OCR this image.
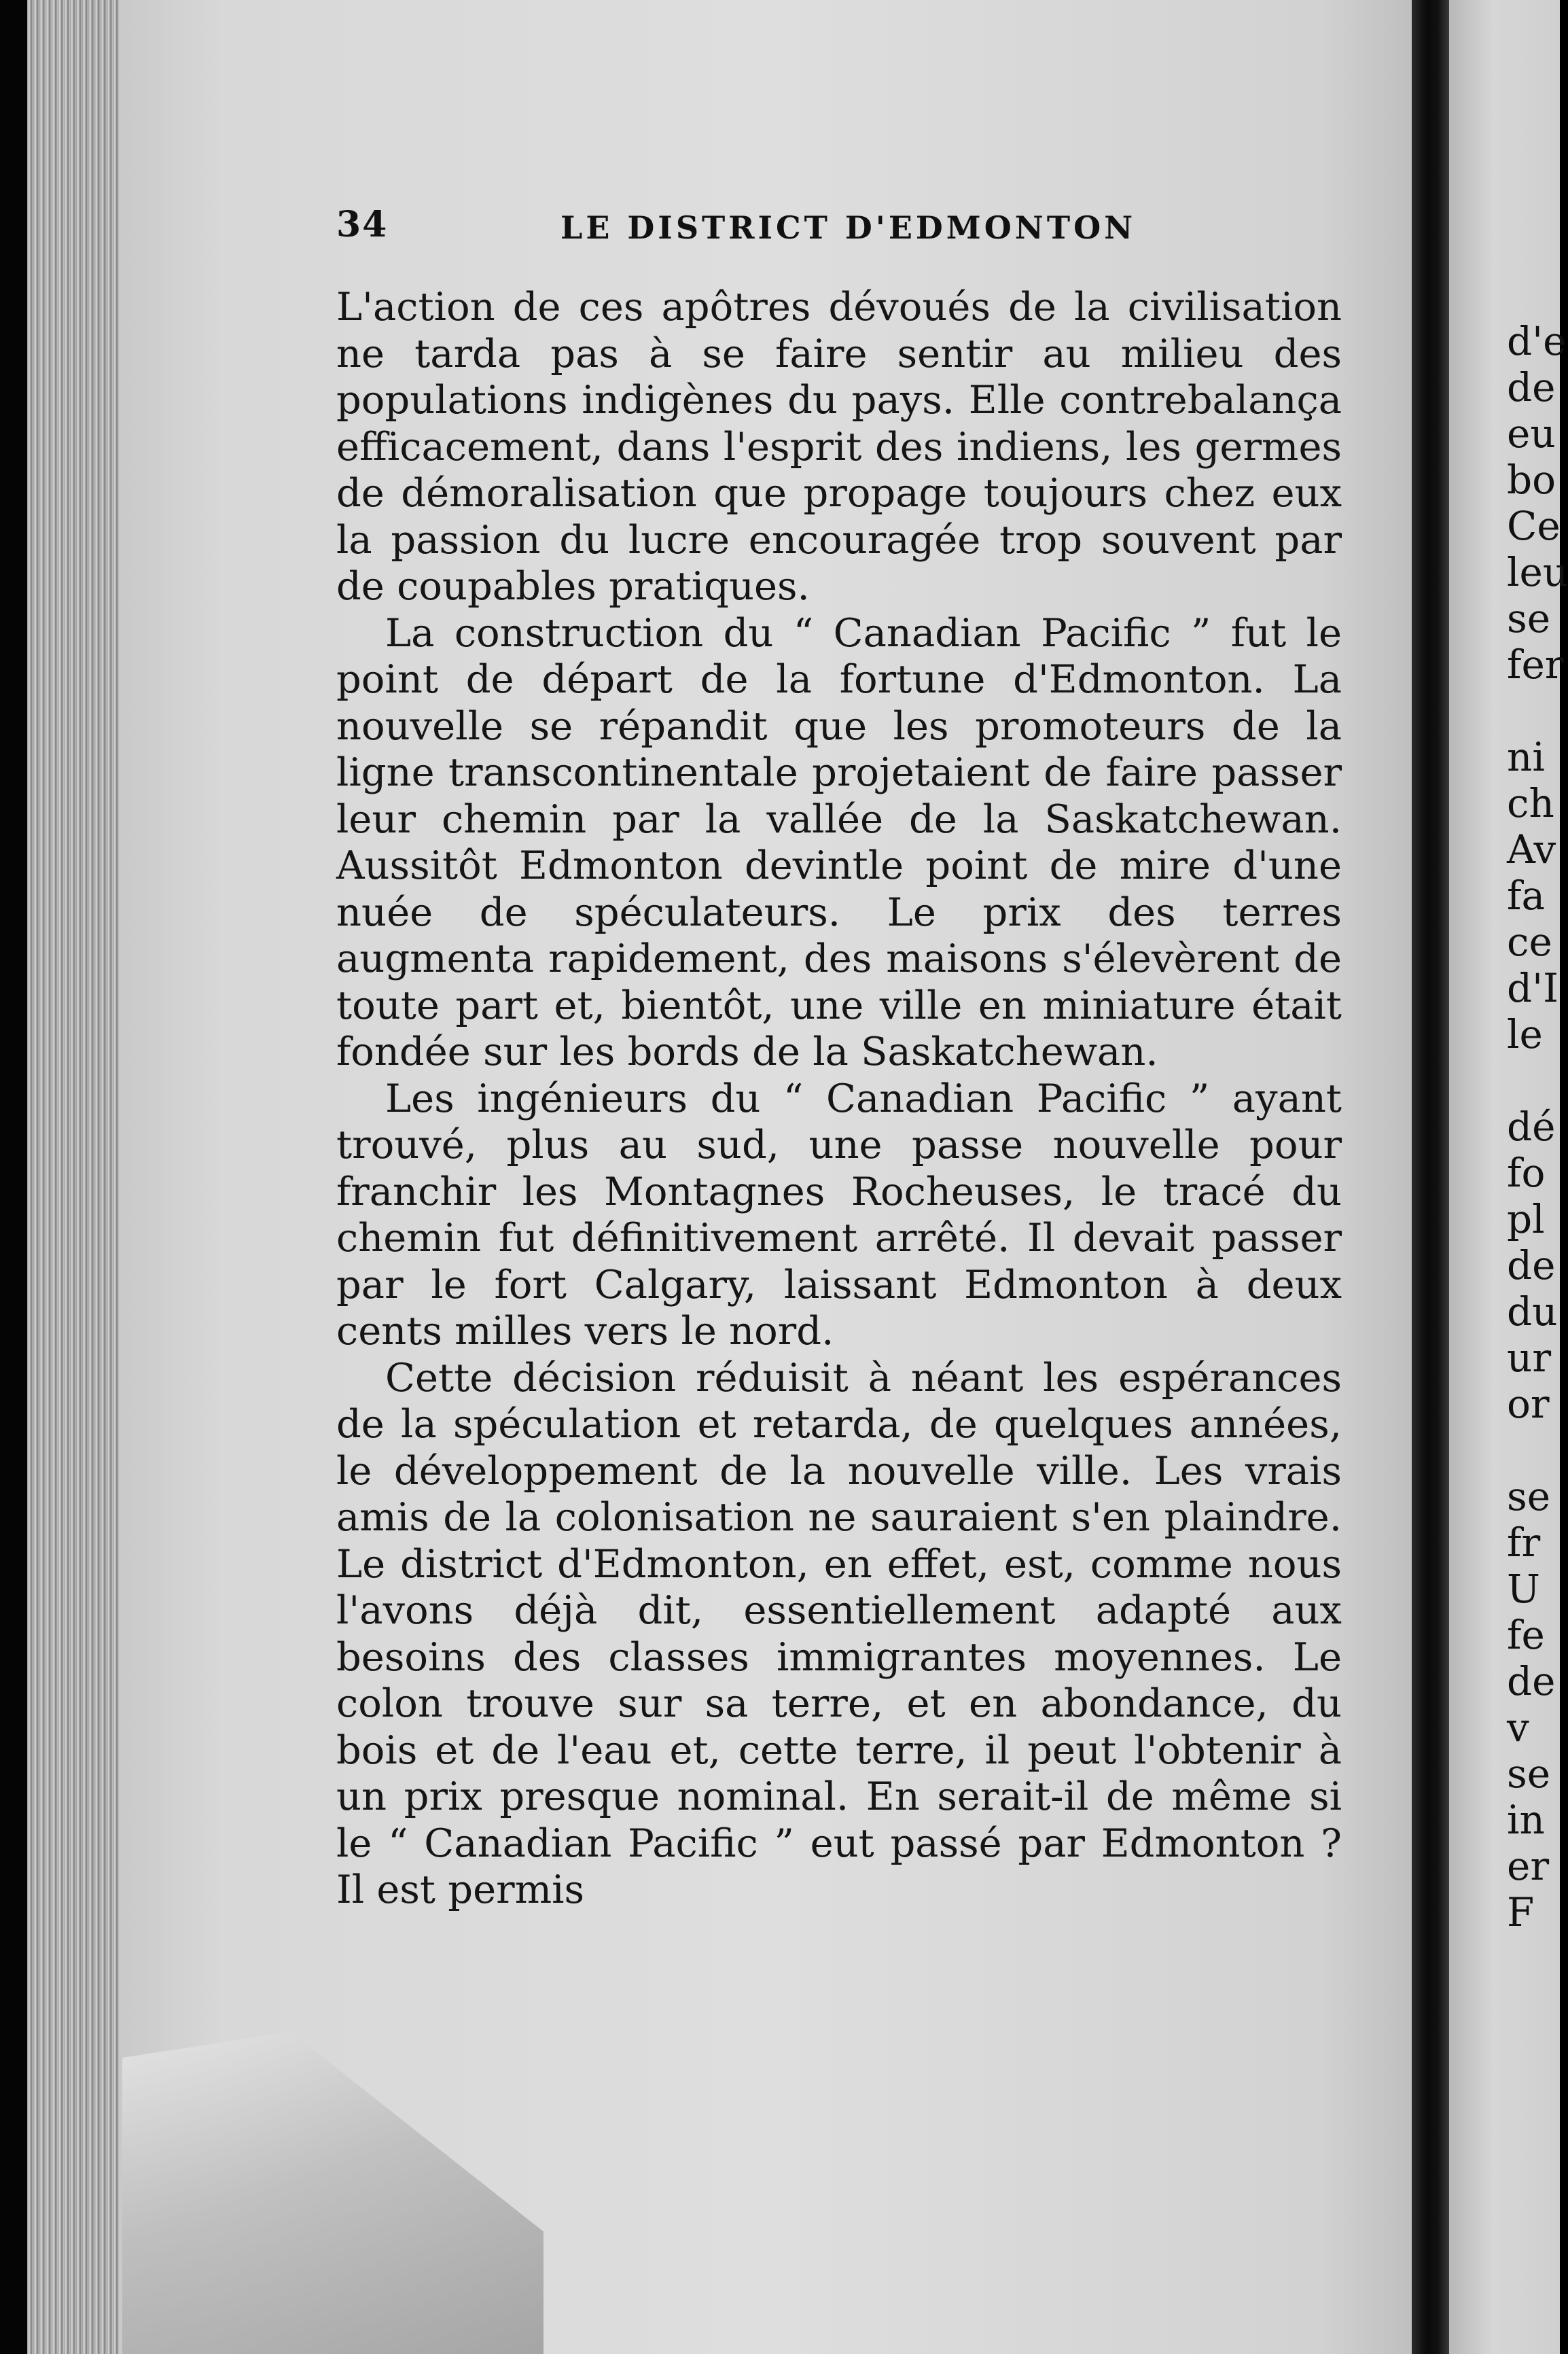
d'e
de
eu
bo
Ce
leu
se
fer
ni
ch
Av
fa
ce
d'I
le
dé
fo
pl
de
du
ur
or
se
fr
U
fe
de
v
se
in
er
F
34	LE DISTRICT D'EDMONTON

L'action de ces apôtres dévoués de la civilisation ne tarda pas à se faire sentir au milieu des populations indigènes du pays. Elle contrebalança efficacement, dans l'esprit des indiens, les germes de démoralisation que propage toujours chez eux la passion du lucre encouragée trop souvent par de coupables pratiques.

La construction du “ Canadian Pacific ” fut le point de départ de la fortune d'Edmonton. La nouvelle se répandit que les promoteurs de la ligne transcontinentale projetaient de faire passer leur chemin par la vallée de la Saskatchewan. Aussitôt Edmonton devintle point de mire d'une nuée de spéculateurs. Le prix des terres augmenta rapidement, des maisons s'élevèrent de toute part et, bientôt, une ville en miniature était fondée sur les bords de la Saskatchewan.

Les ingénieurs du “ Canadian Pacific ” ayant trouvé, plus au sud, une passe nouvelle pour franchir les Montagnes Rocheuses, le tracé du chemin fut définitivement arrêté. Il devait passer par le fort Calgary, laissant Edmonton à deux cents milles vers le nord.

Cette décision réduisit à néant les espérances de la spéculation et retarda, de quelques années, le développement de la nouvelle ville. Les vrais amis de la colonisation ne sauraient s'en plaindre. Le district d'Edmonton, en effet, est, comme nous l'avons déjà dit, essentiellement adapté aux besoins des classes immigrantes moyennes. Le colon trouve sur sa terre, et en abondance, du bois et de l'eau et, cette terre, il peut l'obtenir à un prix presque nominal. En serait-il de même si le “ Canadian Pacific ” eut passé par Edmonton ? Il est permis
